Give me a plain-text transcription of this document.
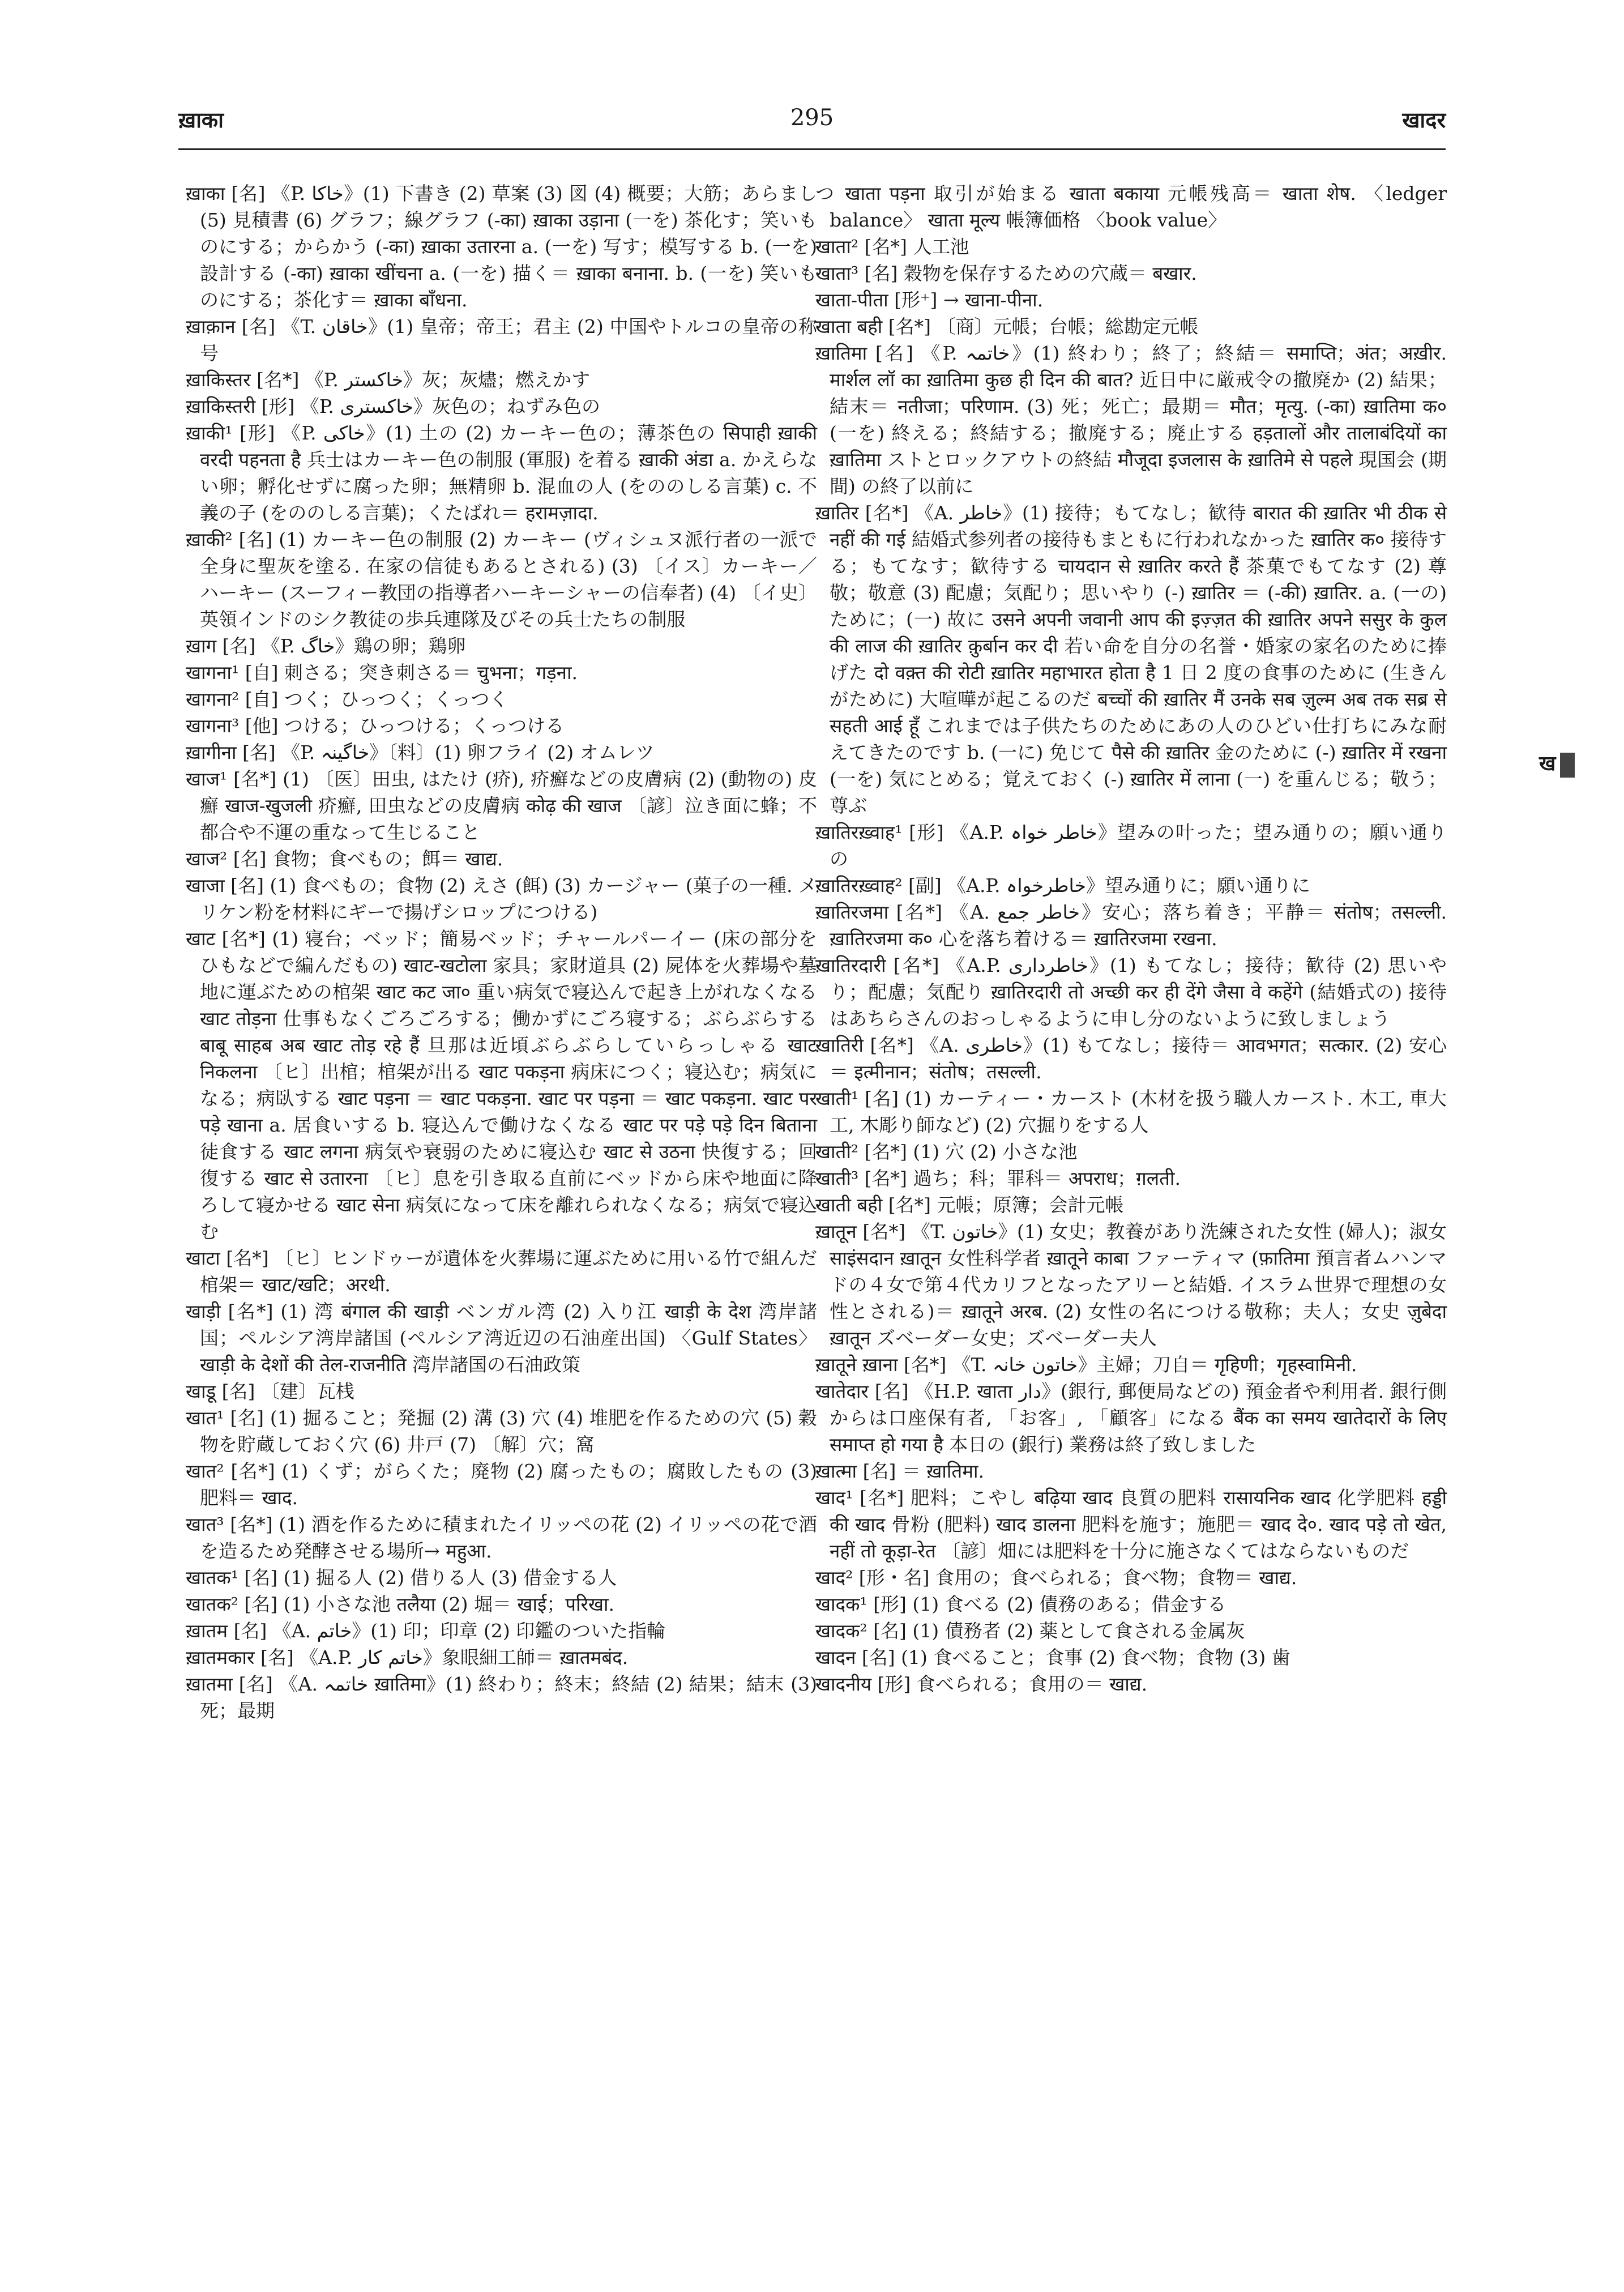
ख़ाका	295	खादर

ख़ाका [名] 《P. خاکا》(1) 下書き (2) 草案 (3) 図 (4) 概要；大筋；あらまし (5) 見積書 (6) グラフ；線グラフ (-का) ख़ाका उड़ाना (一を) 茶化す；笑いものにする；からかう (-का) ख़ाका उतारना a. (一を) 写す；模写する b. (一を) 設計する (-का) ख़ाका खींचना a. (一を) 描く＝ ख़ाका बनाना. b. (一を) 笑いものにする；茶化す＝ ख़ाका बाँधना.

ख़ाक़ान [名] 《T. خاقان》(1) 皇帝；帝王；君主 (2) 中国やトルコの皇帝の称号

ख़ाकिस्तर [名*] 《P. خاکستر》灰；灰燼；燃えかす

ख़ाकिस्तरी [形] 《P. خاکستری》灰色の；ねずみ色の

ख़ाकी¹ [形] 《P. خاکی》(1) 土の (2) カーキー色の；薄茶色の सिपाही ख़ाकी वरदी पहनता है 兵士はカーキー色の制服 (軍服) を着る ख़ाकी अंडा a. かえらない卵；孵化せずに腐った卵；無精卵 b. 混血の人 (をののしる言葉) c. 不義の子 (をののしる言葉)；くたばれ＝ हरामज़ादा.

ख़ाकी² [名] (1) カーキー色の制服 (2) カーキー (ヴィシュヌ派行者の一派で全身に聖灰を塗る. 在家の信徒もあるとされる) (3) 〔イス〕カーキー／ハーキー (スーフィー教団の指導者ハーキーシャーの信奉者) (4) 〔イ史〕英領インドのシク教徒の歩兵連隊及びその兵士たちの制服

ख़ाग [名] 《P. خاگ》鶏の卵；鶏卵

खागना¹ [自] 刺さる；突き刺さる＝ चुभना；गड़ना.

खागना² [自] つく；ひっつく；くっつく

खागना³ [他] つける；ひっつける；くっつける

ख़ागीना [名] 《P. خاگینہ》〔料〕(1) 卵フライ (2) オムレツ

खाज¹ [名*] (1) 〔医〕田虫, はたけ (疥), 疥癬などの皮膚病 (2) (動物の) 皮癬 खाज-खुजली 疥癬, 田虫などの皮膚病 कोढ़ की खाज 〔諺〕泣き面に蜂；不都合や不運の重なって生じること

खाज² [名] 食物；食べもの；餌＝ खाद्य.

खाजा [名] (1) 食べもの；食物 (2) えさ (餌) (3) カージャー (菓子の一種. メリケン粉を材料にギーで揚げシロップにつける)

खाट [名*] (1) 寝台；ベッド；簡易ベッド；チャールパーイー (床の部分をひもなどで編んだもの) खाट-खटोला 家具；家財道具 (2) 屍体を火葬場や墓地に運ぶための棺架 खाट कट जा० 重い病気で寝込んで起き上がれなくなる खाट तोड़ना 仕事もなくごろごろする；働かずにごろ寝する；ぶらぶらする बाबू साहब अब खाट तोड़ रहे हैं 旦那は近頃ぶらぶらしていらっしゃる खाट निकलना 〔ヒ〕出棺；棺架が出る खाट पकड़ना 病床につく；寝込む；病気になる；病臥する खाट पड़ना ＝ खाट पकड़ना. खाट पर पड़ना ＝ खाट पकड़ना. खाट पर पड़े खाना a. 居食いする b. 寝込んで働けなくなる खाट पर पड़े पड़े दिन बिताना 徒食する खाट लगना 病気や衰弱のために寝込む खाट से उठना 快復する；回復する खाट से उतारना 〔ヒ〕息を引き取る直前にベッドから床や地面に降ろして寝かせる खाट सेना 病気になって床を離れられなくなる；病気で寝込む

खाटा [名*] 〔ヒ〕ヒンドゥーが遺体を火葬場に運ぶために用いる竹で組んだ棺架＝ खाट/खटि；अरथी.

खाड़ी [名*] (1) 湾 बंगाल की खाड़ी ベンガル湾 (2) 入り江 खाड़ी के देश 湾岸諸国；ペルシア湾岸諸国 (ペルシア湾近辺の石油産出国) 〈Gulf States〉 खाड़ी के देशों की तेल-राजनीति 湾岸諸国の石油政策

खाडू [名] 〔建〕瓦桟

खात¹ [名] (1) 掘ること；発掘 (2) 溝 (3) 穴 (4) 堆肥を作るための穴 (5) 穀物を貯蔵しておく穴 (6) 井戸 (7) 〔解〕穴；窩

खात² [名*] (1) くず；がらくた；廃物 (2) 腐ったもの；腐敗したもの (3) 肥料＝ खाद.

खात³ [名*] (1) 酒を作るために積まれたイリッペの花 (2) イリッペの花で酒を造るため発酵させる場所→ महुआ.

खातक¹ [名] (1) 掘る人 (2) 借りる人 (3) 借金する人

खातक² [名] (1) 小さな池 तलैया (2) 堀＝ खाई；परिखा.

ख़ातम [名] 《A. خاتم》(1) 印；印章 (2) 印鑑のついた指輪

ख़ातमकार [名] 《A.P. خاتم کار》象眼細工師＝ ख़ातमबंद.

ख़ातमा [名] 《A. خاتمہ ख़ातिमा》(1) 終わり；終末；終結 (2) 結果；結末 (3) 死；最期

つ खाता पड़ना 取引が始まる खाता बकाया 元帳残高＝ खाता शेष. 〈ledger balance〉 खाता मूल्य 帳簿価格 〈book value〉

खाता² [名*] 人工池

खाता³ [名] 穀物を保存するための穴蔵＝ बखार.

खाता-पीता [形⁺] → खाना-पीना.

खाता बही [名*] 〔商〕元帳；台帳；総勘定元帳

ख़ातिमा [名] 《P. خاتمہ》(1) 終わり；終了；終結＝ समाप्ति；अंत；अख़ीर. मार्शल लॉ का ख़ातिमा कुछ ही दिन की बात? 近日中に厳戒令の撤廃か (2) 結果；結末＝ नतीजा；परिणाम. (3) 死；死亡；最期＝ मौत；मृत्यु. (-का) ख़ातिमा क० (一を) 終える；終結する；撤廃する；廃止する हड़तालों और तालाबंदियों का ख़ातिमा ストとロックアウトの終結 मौजूदा इजलास के ख़ातिमे से पहले 現国会 (期間) の終了以前に

ख़ातिर [名*] 《A. خاطر》(1) 接待；もてなし；歓待 बारात की ख़ातिर भी ठीक से नहीं की गई 結婚式参列者の接待もまともに行われなかった ख़ातिर क० 接待する；もてなす；歓待する चायदान से ख़ातिर करते हैं 茶菓でもてなす (2) 尊敬；敬意 (3) 配慮；気配り；思いやり (-) ख़ातिर ＝ (-की) ख़ातिर. a. (一の) ために；(一) 故に उसने अपनी जवानी आप की इज़्ज़त की ख़ातिर अपने ससुर के कुल की लाज की ख़ातिर क़ुर्बान कर दी 若い命を自分の名誉・婚家の家名のために捧げた दो वक़्त की रोटी ख़ातिर महाभारत होता है 1 日 2 度の食事のために (生きんがために) 大喧嘩が起こるのだ बच्चों की ख़ातिर मैं उनके सब ज़ुल्म अब तक सब्र से सहती आई हूँ これまでは子供たちのためにあの人のひどい仕打ちにみな耐えてきたのです b. (一に) 免じて पैसे की ख़ातिर 金のために (-) ख़ातिर में रखना (一を) 気にとめる；覚えておく (-) ख़ातिर में लाना (一) を重んじる；敬う；尊ぶ

ख़ातिरख़्वाह¹ [形] 《A.P. خاطر خواہ》望みの叶った；望み通りの；願い通りの

ख़ातिरख़्वाह² [副] 《A.P. خاطرخواہ》望み通りに；願い通りに

ख़ातिरजमा [名*] 《A. خاطر جمع》安心；落ち着き；平静＝ संतोष；तसल्ली. ख़ातिरजमा क० 心を落ち着ける＝ ख़ातिरजमा रखना.

ख़ातिरदारी [名*] 《A.P. خاطرداری》(1) もてなし；接待；歓待 (2) 思いやり；配慮；気配り ख़ातिरदारी तो अच्छी कर ही देंगे जैसा वे कहेंगे (結婚式の) 接待はあちらさんのおっしゃるように申し分のないように致しましょう

ख़ातिरी [名*] 《A. خاطری》(1) もてなし；接待＝ आवभगत；सत्कार. (2) 安心＝ इत्मीनान；संतोष；तसल्ली.

खाती¹ [名] (1) カーティー・カースト (木材を扱う職人カースト. 木工, 車大工, 木彫り師など) (2) 穴掘りをする人

खाती² [名*] (1) 穴 (2) 小さな池

खाती³ [名*] 過ち；科；罪科＝ अपराध；ग़लती.

खाती बही [名*] 元帳；原簿；会計元帳

ख़ातून [名*] 《T. خاتون》(1) 女史；教養があり洗練された女性 (婦人)；淑女 साइंसदान ख़ातून 女性科学者 ख़ातूने काबा ファーティマ (फ़ातिमा 預言者ムハンマドの４女で第４代カリフとなったアリーと結婚. イスラム世界で理想の女性とされる)＝ ख़ातूने अरब. (2) 女性の名につける敬称；夫人；女史 ज़ुबेदा ख़ातून ズベーダー女史；ズベーダー夫人

ख़ातूने ख़ाना [名*] 《T. خاتون خانہ》主婦；刀自＝ गृहिणी；गृहस्वामिनी.

खातेदार [名] 《H.P. खाता دار》(銀行, 郵便局などの) 預金者や利用者. 銀行側からは口座保有者, 「お客」, 「顧客」になる बैंक का समय खातेदारों के लिए समाप्त हो गया है 本日の (銀行) 業務は終了致しました

ख़ात्मा [名] ＝ ख़ातिमा.

खाद¹ [名*] 肥料；こやし बढ़िया खाद 良質の肥料 रासायनिक खाद 化学肥料 हड्डी की खाद 骨粉 (肥料) खाद डालना 肥料を施す；施肥＝ खाद दे०. खाद पड़े तो खेत, नहीं तो कूड़ा-रेत 〔諺〕畑には肥料を十分に施さなくてはならないものだ

खाद² [形・名] 食用の；食べられる；食べ物；食物＝ खाद्य.

खादक¹ [形] (1) 食べる (2) 債務のある；借金する

खादक² [名] (1) 債務者 (2) 薬として食される金属灰

खादन [名] (1) 食べること；食事 (2) 食べ物；食物 (3) 歯

खादनीय [形] 食べられる；食用の＝ खाद्य.

ख
